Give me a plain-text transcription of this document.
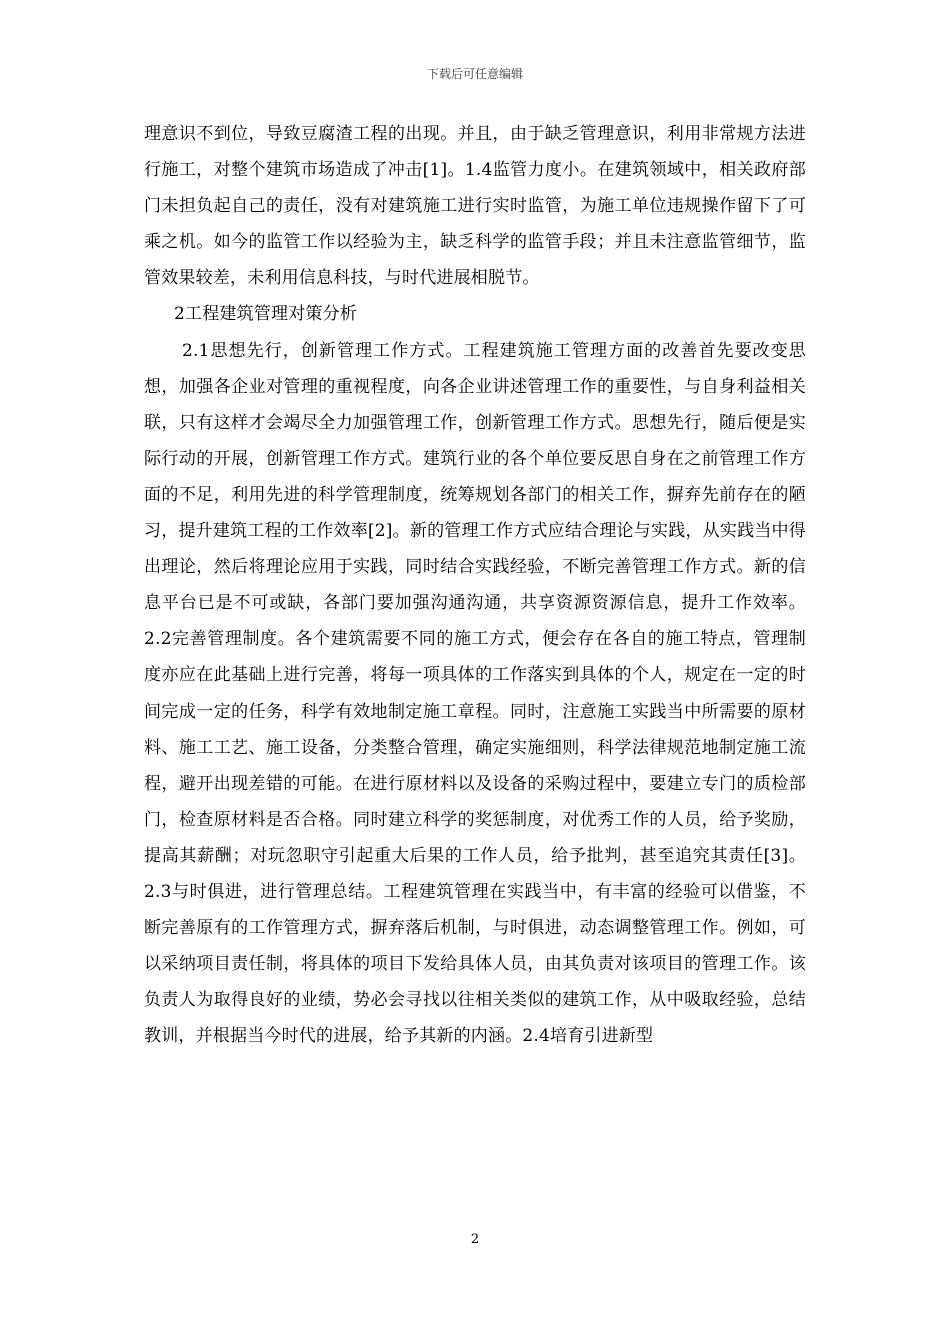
下载后可任意编辑

理意识不到位，导致豆腐渣工程的出现。并且，由于缺乏管理意识，利用非常规方法进行施工，对整个建筑市场造成了冲击[1]。1.4监管力度小。在建筑领域中，相关政府部门未担负起自己的责任，没有对建筑施工进行实时监管，为施工单位违规操作留下了可乘之机。如今的监管工作以经验为主，缺乏科学的监管手段；并且未注意监管细节，监管效果较差，未利用信息科技，与时代进展相脱节。

2工程建筑管理对策分析

2.1思想先行，创新管理工作方式。工程建筑施工管理方面的改善首先要改变思想，加强各企业对管理的重视程度，向各企业讲述管理工作的重要性，与自身利益相关联，只有这样才会竭尽全力加强管理工作，创新管理工作方式。思想先行，随后便是实际行动的开展，创新管理工作方式。建筑行业的各个单位要反思自身在之前管理工作方面的不足，利用先进的科学管理制度，统筹规划各部门的相关工作，摒弃先前存在的陋习，提升建筑工程的工作效率[2]。新的管理工作方式应结合理论与实践，从实践当中得出理论，然后将理论应用于实践，同时结合实践经验，不断完善管理工作方式。新的信息平台已是不可或缺，各部门要加强沟通沟通，共享资源资源信息，提升工作效率。2.2完善管理制度。各个建筑需要不同的施工方式，便会存在各自的施工特点，管理制度亦应在此基础上进行完善，将每一项具体的工作落实到具体的个人，规定在一定的时间完成一定的任务，科学有效地制定施工章程。同时，注意施工实践当中所需要的原材料、施工工艺、施工设备，分类整合管理，确定实施细则，科学法律规范地制定施工流程，避开出现差错的可能。在进行原材料以及设备的采购过程中，要建立专门的质检部门，检查原材料是否合格。同时建立科学的奖惩制度，对优秀工作的人员，给予奖励，提高其薪酬；对玩忽职守引起重大后果的工作人员，给予批判，甚至追究其责任[3]。2.3与时俱进，进行管理总结。工程建筑管理在实践当中，有丰富的经验可以借鉴，不断完善原有的工作管理方式，摒弃落后机制，与时俱进，动态调整管理工作。例如，可以采纳项目责任制，将具体的项目下发给具体人员，由其负责对该项目的管理工作。该负责人为取得良好的业绩，势必会寻找以往相关类似的建筑工作，从中吸取经验，总结教训，并根据当今时代的进展，给予其新的内涵。2.4培育引进新型

2
